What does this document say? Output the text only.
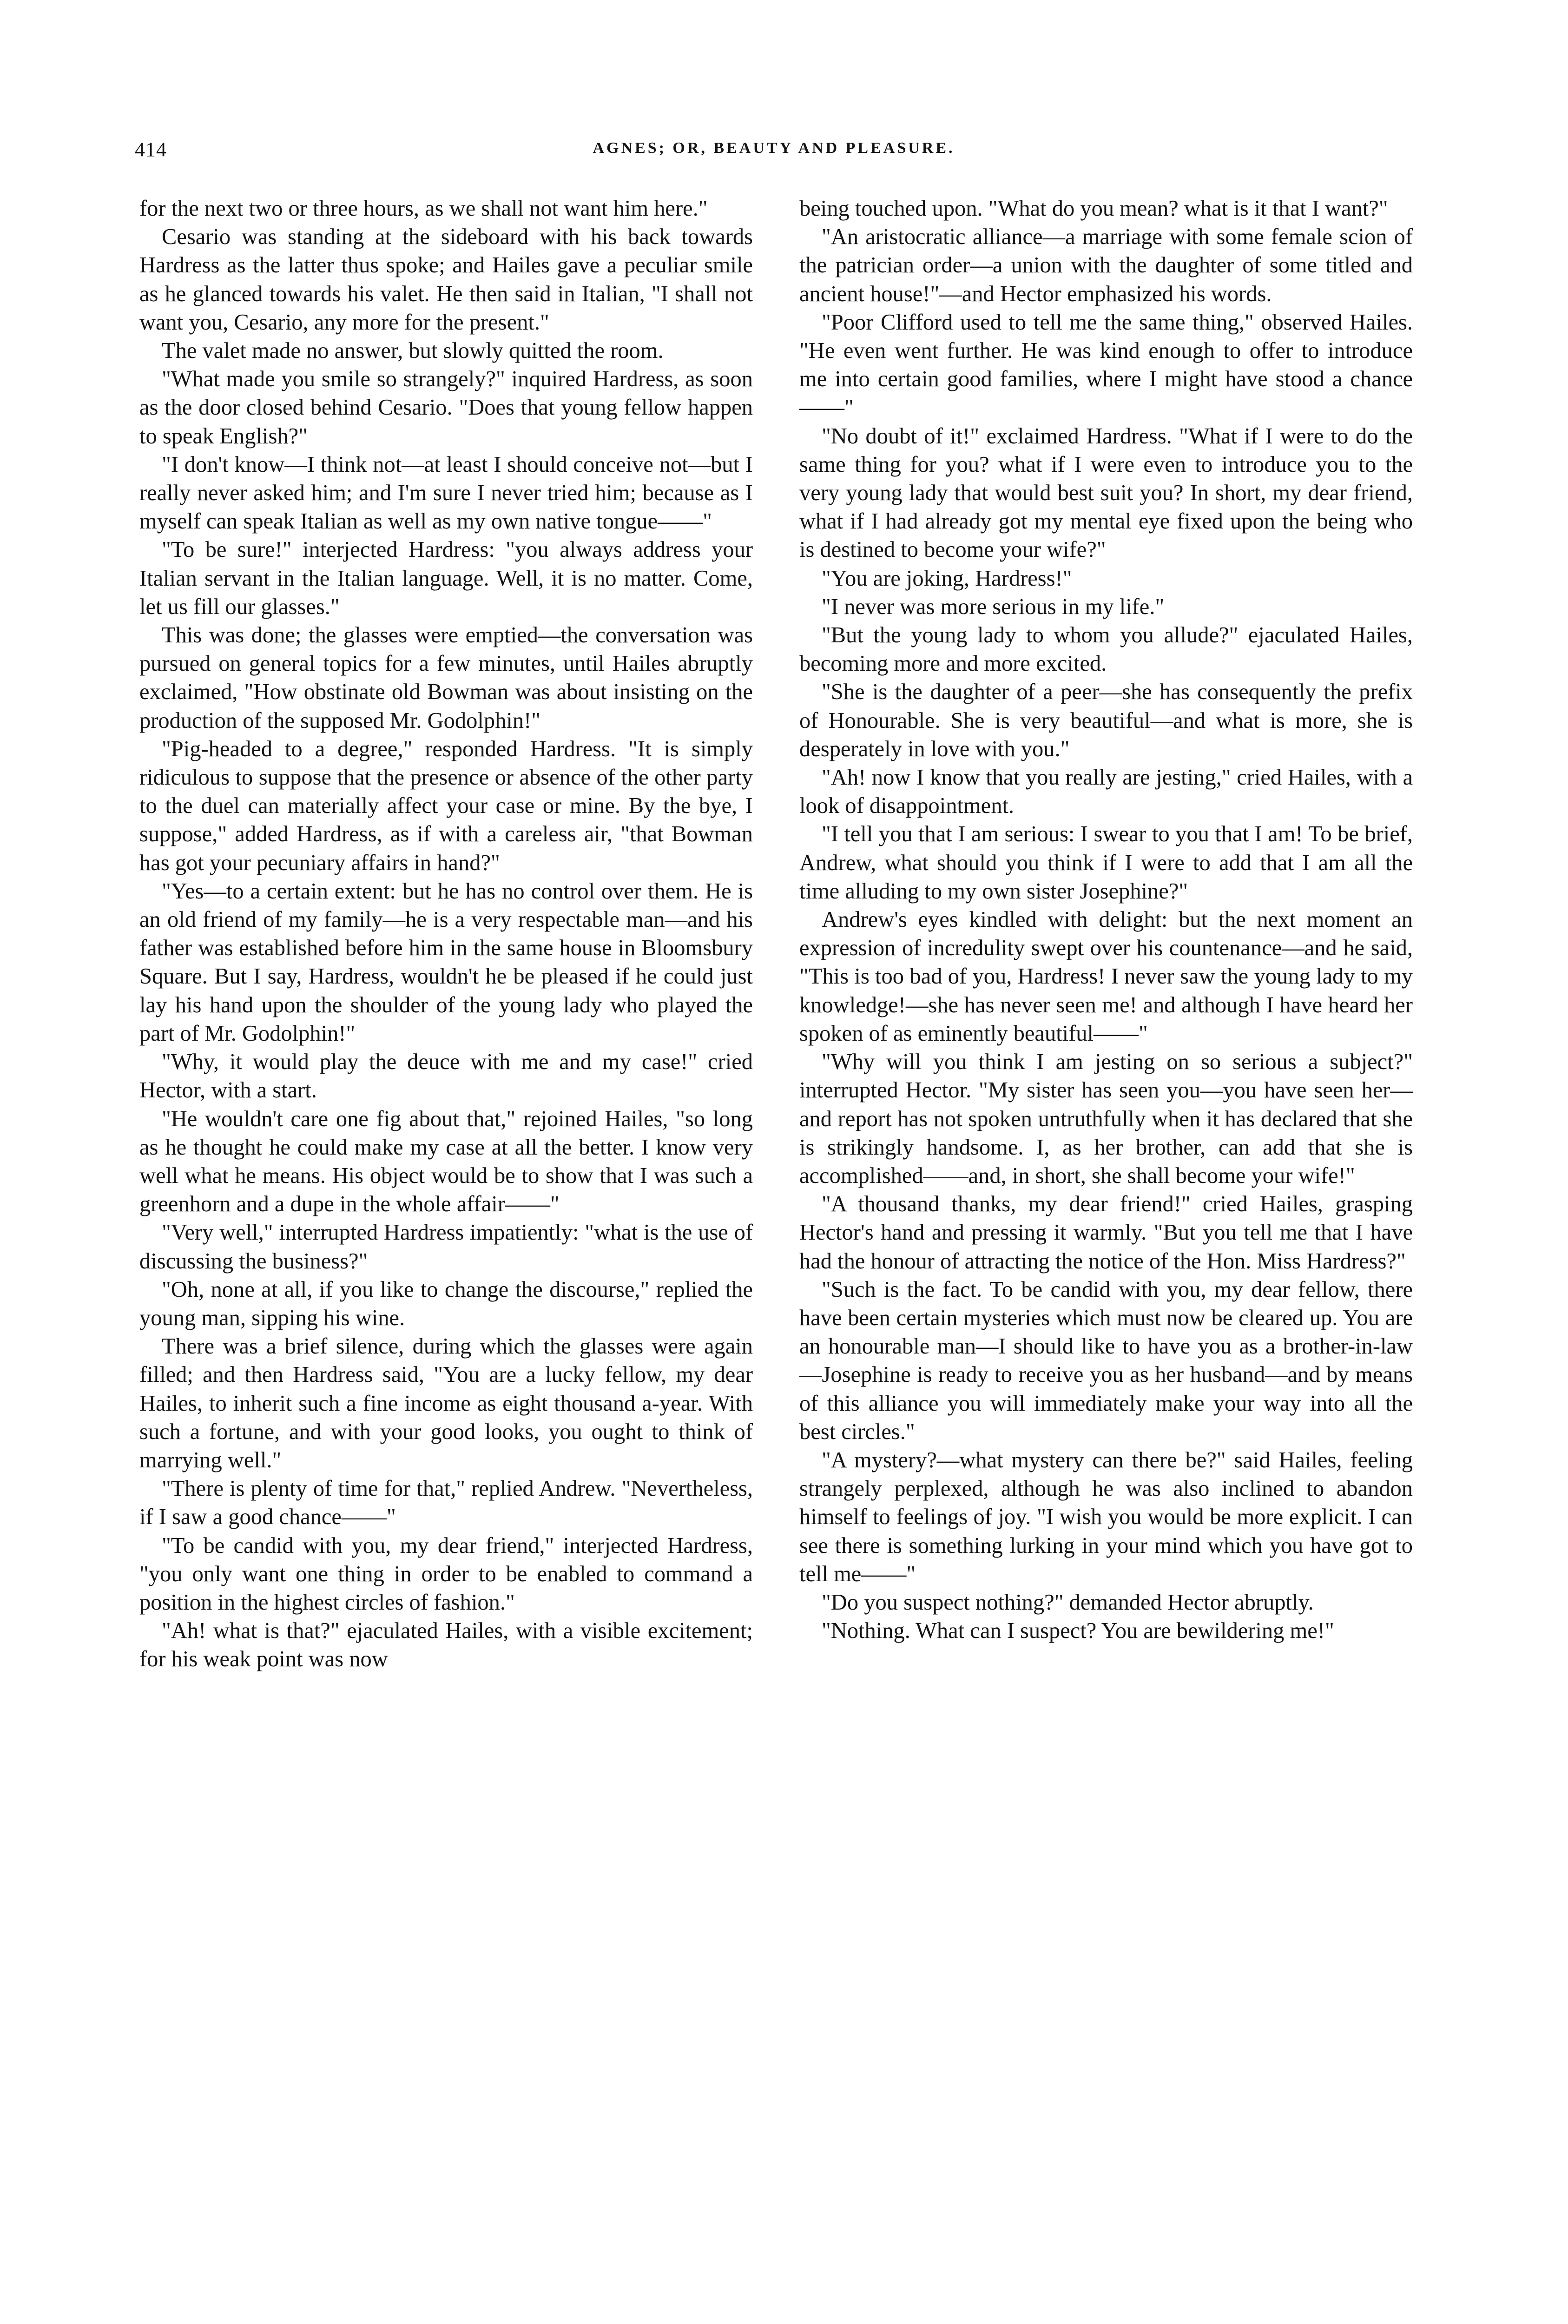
414	AGNES; OR, BEAUTY AND PLEASURE.

for the next two or three hours, as we shall not want him here."

Cesario was standing at the sideboard with his back towards Hardress as the latter thus spoke; and Hailes gave a peculiar smile as he glanced towards his valet. He then said in Italian, "I shall not want you, Cesario, any more for the present."

The valet made no answer, but slowly quitted the room.

"What made you smile so strangely?" inquired Hardress, as soon as the door closed behind Cesario. "Does that young fellow happen to speak English?"

"I don't know—I think not—at least I should conceive not—but I really never asked him; and I'm sure I never tried him; because as I myself can speak Italian as well as my own native tongue——"

"To be sure!" interjected Hardress: "you always address your Italian servant in the Italian language. Well, it is no matter. Come, let us fill our glasses."

This was done; the glasses were emptied—the conversation was pursued on general topics for a few minutes, until Hailes abruptly exclaimed, "How obstinate old Bowman was about insisting on the production of the supposed Mr. Godolphin!"

"Pig-headed to a degree," responded Hardress. "It is simply ridiculous to suppose that the presence or absence of the other party to the duel can materially affect your case or mine. By the bye, I suppose," added Hardress, as if with a careless air, "that Bowman has got your pecuniary affairs in hand?"

"Yes—to a certain extent: but he has no control over them. He is an old friend of my family—he is a very respectable man—and his father was established before him in the same house in Bloomsbury Square. But I say, Hardress, wouldn't he be pleased if he could just lay his hand upon the shoulder of the young lady who played the part of Mr. Godolphin!"

"Why, it would play the deuce with me and my case!" cried Hector, with a start.

"He wouldn't care one fig about that," rejoined Hailes, "so long as he thought he could make my case at all the better. I know very well what he means. His object would be to show that I was such a greenhorn and a dupe in the whole affair——"

"Very well," interrupted Hardress impatiently: "what is the use of discussing the business?"

"Oh, none at all, if you like to change the discourse," replied the young man, sipping his wine.

There was a brief silence, during which the glasses were again filled; and then Hardress said, "You are a lucky fellow, my dear Hailes, to inherit such a fine income as eight thousand a-year. With such a fortune, and with your good looks, you ought to think of marrying well."

"There is plenty of time for that," replied Andrew. "Nevertheless, if I saw a good chance——"

"To be candid with you, my dear friend," interjected Hardress, "you only want one thing in order to be enabled to command a position in the highest circles of fashion."

"Ah! what is that?" ejaculated Hailes, with a visible excitement; for his weak point was now

being touched upon. "What do you mean? what is it that I want?"

"An aristocratic alliance—a marriage with some female scion of the patrician order—a union with the daughter of some titled and ancient house!"—and Hector emphasized his words.

"Poor Clifford used to tell me the same thing," observed Hailes. "He even went further. He was kind enough to offer to introduce me into certain good families, where I might have stood a chance——"

"No doubt of it!" exclaimed Hardress. "What if I were to do the same thing for you? what if I were even to introduce you to the very young lady that would best suit you? In short, my dear friend, what if I had already got my mental eye fixed upon the being who is destined to become your wife?"

"You are joking, Hardress!"

"I never was more serious in my life."

"But the young lady to whom you allude?" ejaculated Hailes, becoming more and more excited.

"She is the daughter of a peer—she has consequently the prefix of Honourable. She is very beautiful—and what is more, she is desperately in love with you."

"Ah! now I know that you really are jesting," cried Hailes, with a look of disappointment.

"I tell you that I am serious: I swear to you that I am! To be brief, Andrew, what should you think if I were to add that I am all the time alluding to my own sister Josephine?"

Andrew's eyes kindled with delight: but the next moment an expression of incredulity swept over his countenance—and he said, "This is too bad of you, Hardress! I never saw the young lady to my knowledge!—she has never seen me! and although I have heard her spoken of as eminently beautiful——"

"Why will you think I am jesting on so serious a subject?" interrupted Hector. "My sister has seen you—you have seen her—and report has not spoken untruthfully when it has declared that she is strikingly handsome. I, as her brother, can add that she is accomplished——and, in short, she shall become your wife!"

"A thousand thanks, my dear friend!" cried Hailes, grasping Hector's hand and pressing it warmly. "But you tell me that I have had the honour of attracting the notice of the Hon. Miss Hardress?"

"Such is the fact. To be candid with you, my dear fellow, there have been certain mysteries which must now be cleared up. You are an honourable man—I should like to have you as a brother-in-law—Josephine is ready to receive you as her husband—and by means of this alliance you will immediately make your way into all the best circles."

"A mystery?—what mystery can there be?" said Hailes, feeling strangely perplexed, although he was also inclined to abandon himself to feelings of joy. "I wish you would be more explicit. I can see there is something lurking in your mind which you have got to tell me——"

"Do you suspect nothing?" demanded Hector abruptly.

"Nothing. What can I suspect? You are bewildering me!"
